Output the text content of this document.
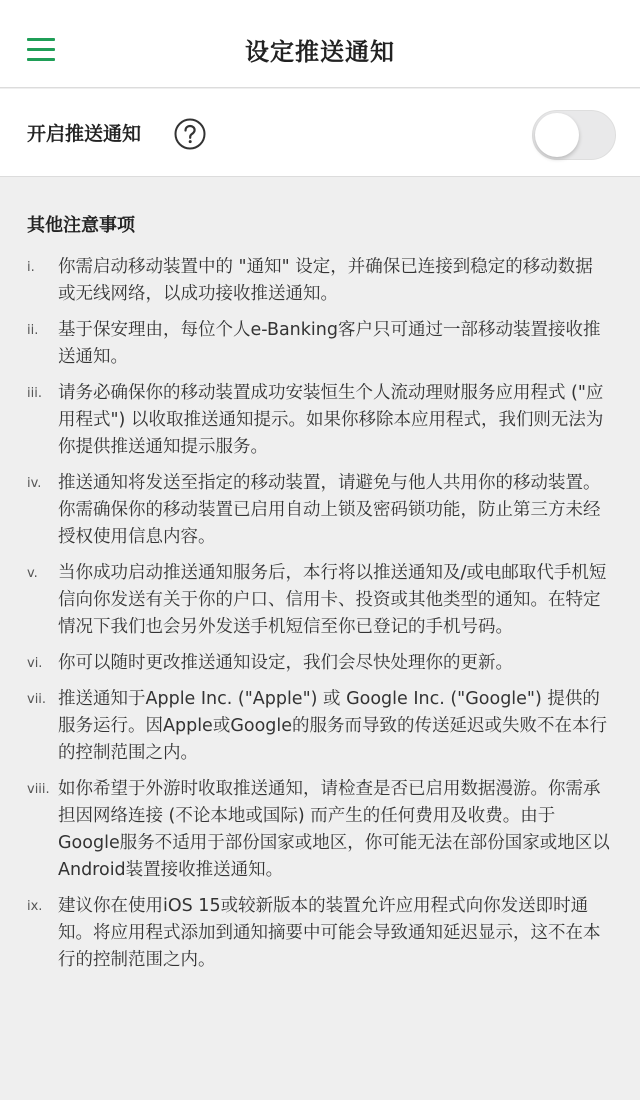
设定推送通知
开启推送通知
其他注意事项
i. 你需启动移动装置中的 "通知" 设定，并确保已连接到稳定的移动数据或无线网络，以成功接收推送通知。
ii. 基于保安理由，每位个人e-Banking客户只可通过一部移动装置接收推送通知。
iii. 请务必确保你的移动装置成功安装恒生个人流动理财服务应用程式 ("应用程式") 以收取推送通知提示。如果你移除本应用程式，我们则无法为你提供推送通知提示服务。
iv. 推送通知将发送至指定的移动装置，请避免与他人共用你的移动装置。你需确保你的移动装置已启用自动上锁及密码锁功能，防止第三方未经授权使用信息内容。
v. 当你成功启动推送通知服务后，本行将以推送通知及/或电邮取代手机短信向你发送有关于你的户口、信用卡、投资或其他类型的通知。在特定情况下我们也会另外发送手机短信至你已登记的手机号码。
vi. 你可以随时更改推送通知设定，我们会尽快处理你的更新。
vii. 推送通知于Apple Inc. ("Apple") 或 Google Inc. ("Google") 提供的服务运行。因Apple或Google的服务而导致的传送延迟或失败不在本行的控制范围之内。
viii. 如你希望于外游时收取推送通知，请检查是否已启用数据漫游。你需承担因网络连接 (不论本地或国际) 而产生的任何费用及收费。由于Google服务不适用于部份国家或地区，你可能无法在部份国家或地区以Android装置接收推送通知。
ix. 建议你在使用iOS 15或较新版本的装置允许应用程式向你发送即时通知。将应用程式添加到通知摘要中可能会导致通知延迟显示，这不在本行的控制范围之内。
